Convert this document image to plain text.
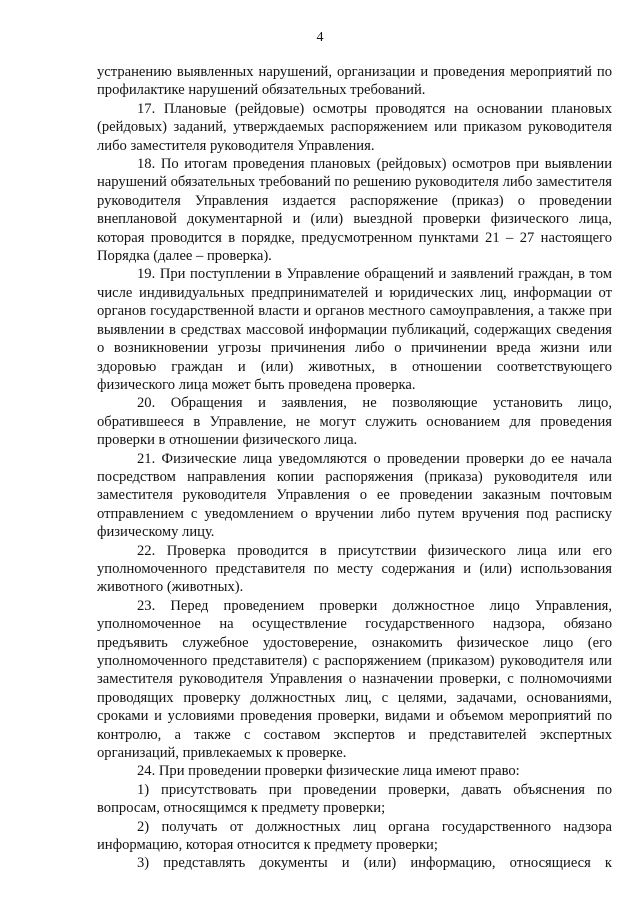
4

устранению выявленных нарушений, организации и проведения мероприятий по профилактике нарушений обязательных требований.

17. Плановые (рейдовые) осмотры проводятся на основании плановых (рейдовых) заданий, утверждаемых распоряжением или приказом руководителя либо заместителя руководителя Управления.

18. По итогам проведения плановых (рейдовых) осмотров при выявлении нарушений обязательных требований по решению руководителя либо заместителя руководителя Управления издается распоряжение (приказ) о проведении внеплановой документарной и (или) выездной проверки физического лица, которая проводится в порядке, предусмотренном пунктами 21 – 27 настоящего Порядка (далее – проверка).

19. При поступлении в Управление обращений и заявлений граждан, в том числе индивидуальных предпринимателей и юридических лиц, информации от органов государственной власти и органов местного самоуправления, а также при выявлении в средствах массовой информации публикаций, содержащих сведения о возникновении угрозы причинения либо о причинении вреда жизни или здоровью граждан и (или) животных, в отношении соответствующего физического лица может быть проведена проверка.

20. Обращения и заявления, не позволяющие установить лицо, обратившееся в Управление, не могут служить основанием для проведения проверки в отношении физического лица.

21. Физические лица уведомляются о проведении проверки до ее начала посредством направления копии распоряжения (приказа) руководителя или заместителя руководителя Управления о ее проведении заказным почтовым отправлением с уведомлением о вручении либо путем вручения под расписку физическому лицу.

22. Проверка проводится в присутствии физического лица или его уполномоченного представителя по месту содержания и (или) использования животного (животных).

23. Перед проведением проверки должностное лицо Управления, уполномоченное на осуществление государственного надзора, обязано предъявить служебное удостоверение, ознакомить физическое лицо (его уполномоченного представителя) с распоряжением (приказом) руководителя или заместителя руководителя Управления о назначении проверки, с полномочиями проводящих проверку должностных лиц, с целями, задачами, основаниями, сроками и условиями проведения проверки, видами и объемом мероприятий по контролю, а также с составом экспертов и представителей экспертных организаций, привлекаемых к проверке.

24. При проведении проверки физические лица имеют право:

1) присутствовать при проведении проверки, давать объяснения по вопросам, относящимся к предмету проверки;

2) получать от должностных лиц органа государственного надзора информацию, которая относится к предмету проверки;

3) представлять документы и (или) информацию, относящиеся к
